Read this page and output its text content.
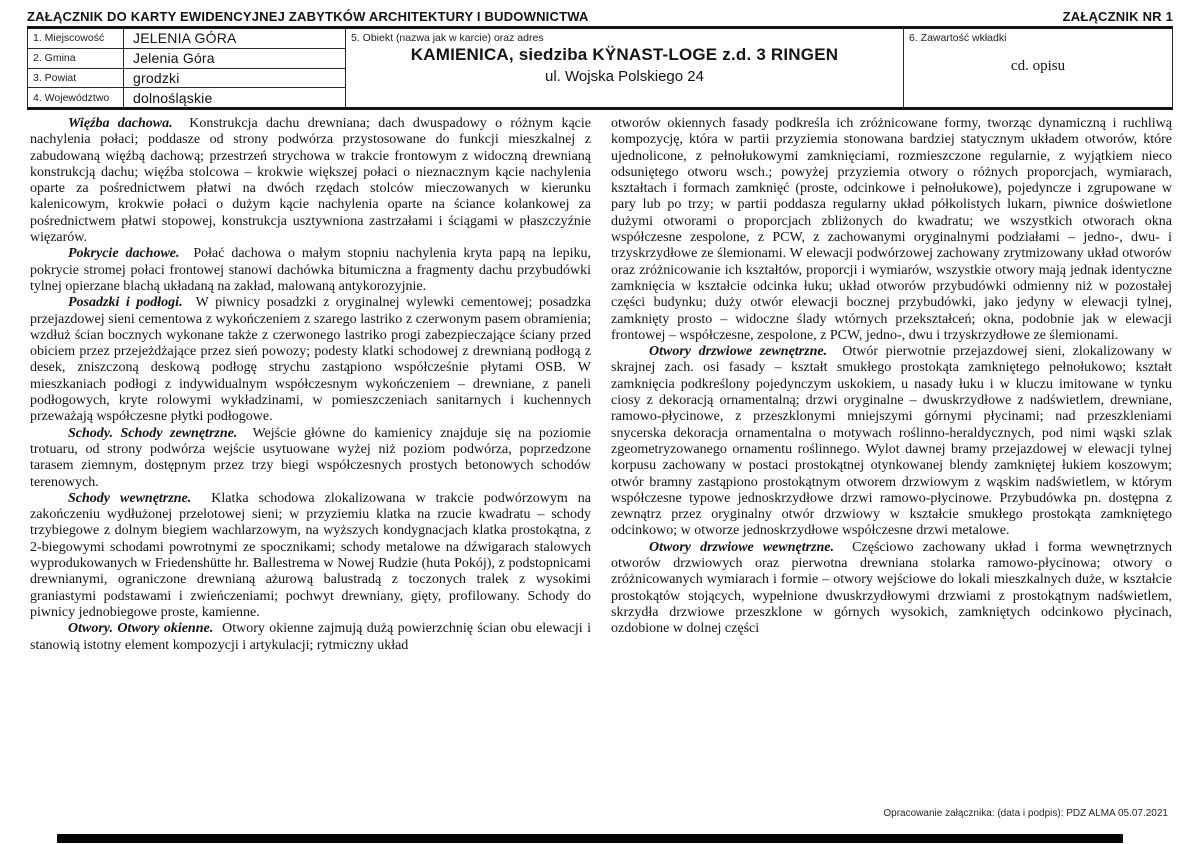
ZAŁĄCZNIK DO KARTY EWIDENCYJNEJ ZABYTKÓW ARCHITEKTURY I BUDOWNICTWA	ZAŁĄCZNIK NR 1
1. Miejscowość	JELENIA GÓRA
2. Gmina	Jelenia Góra
3. Powiat	grodzki
4. Województwo	dolnośląskie
5. Obiekt (nazwa jak w karcie) oraz adres
KAMIENICA, siedziba KŸNAST-LOGE z.d. 3 RINGEN
ul. Wojska Polskiego 24
6. Zawartość wkładki
cd. opisu

Więźba dachowa.  Konstrukcja dachu drewniana; dach dwuspadowy o różnym kącie nachylenia połaci; poddasze od strony podwórza przystosowane do funkcji mieszkalnej z zabudowaną więźbą dachową; przestrzeń strychowa w trakcie frontowym z widoczną drewnianą konstrukcją dachu; więźba stolcowa – krokwie większej połaci o nieznacznym kącie nachylenia oparte za pośrednictwem płatwi na dwóch rzędach stolców mieczowanych w kierunku kalenicowym, krokwie połaci o dużym kącie nachylenia oparte na ściance kolankowej za pośrednictwem płatwi stopowej, konstrukcja usztywniona zastrzałami i ściągami w płaszczyźnie więzarów.

Pokrycie dachowe.  Połać dachowa o małym stopniu nachylenia kryta papą na lepiku, pokrycie stromej połaci frontowej stanowi dachówka bitumiczna a fragmenty dachu przybudówki tylnej opierzane blachą układaną na zakład, malowaną antykorozyjnie.

Posadzki i podłogi.  W piwnicy posadzki z oryginalnej wylewki cementowej; posadzka przejazdowej sieni cementowa z wykończeniem z szarego lastriko z czerwonym pasem obramienia; wzdłuż ścian bocznych wykonane także z czerwonego lastriko progi zabezpieczające ściany przed obiciem przez przejeżdżające przez sień powozy; podesty klatki schodowej z drewnianą podłogą z desek, zniszczoną deskową podłogę strychu zastąpiono współcześnie płytami OSB. W mieszkaniach podłogi z indywidualnym współczesnym wykończeniem – drewniane, z paneli podłogowych, kryte rolowymi wykładzinami, w pomieszczeniach sanitarnych i kuchennych przeważają współczesne płytki podłogowe.

Schody. Schody zewnętrzne.  Wejście główne do kamienicy znajduje się na poziomie trotuaru, od strony podwórza wejście usytuowane wyżej niż poziom podwórza, poprzedzone tarasem ziemnym, dostępnym przez trzy biegi współczesnych prostych betonowych schodów terenowych.

Schody wewnętrzne.  Klatka schodowa zlokalizowana w trakcie podwórzowym na zakończeniu wydłużonej przelotowej sieni; w przyziemiu klatka na rzucie kwadratu – schody trzybiegowe z dolnym biegiem wachlarzowym, na wyższych kondygnacjach klatka prostokątna, z 2-biegowymi schodami powrotnymi ze spocznikami; schody metalowe na dźwigarach stalowych wyprodukowanych w Friedenshütte hr. Ballestrema w Nowej Rudzie (huta Pokój), z podstopnicami drewnianymi, ograniczone drewnianą ażurową balustradą z toczonych tralek z wysokimi graniastymi podstawami i zwieńczeniami; pochwyt drewniany, gięty, profilowany. Schody do piwnicy jednobiegowe proste, kamienne.

Otwory. Otwory okienne.  Otwory okienne zajmują dużą powierzchnię ścian obu elewacji i stanowią istotny element kompozycji i artykulacji; rytmiczny układ

otworów okiennych fasady podkreśla ich zróżnicowane formy, tworząc dynamiczną i ruchliwą kompozycję, która w partii przyziemia stonowana bardziej statycznym układem otworów, które ujednolicone, z pełnołukowymi zamknięciami, rozmieszczone regularnie, z wyjątkiem nieco odsuniętego otworu wsch.; powyżej przyziemia otwory o różnych proporcjach, wymiarach, kształtach i formach zamknięć (proste, odcinkowe i pełnołukowe), pojedyncze i zgrupowane w pary lub po trzy; w partii poddasza regularny układ półkolistych lukarn, piwnice doświetlone dużymi otworami o proporcjach zbliżonych do kwadratu; we wszystkich otworach okna współczesne zespolone, z PCW, z zachowanymi oryginalnymi podziałami – jedno-, dwu- i trzyskrzydłowe ze ślemionami. W elewacji podwórzowej zachowany zrytmizowany układ otworów oraz zróżnicowanie ich kształtów, proporcji i wymiarów, wszystkie otwory mają jednak identyczne zamknięcia w kształcie odcinka łuku; układ otworów przybudówki odmienny niż w pozostałej części budynku; duży otwór elewacji bocznej przybudówki, jako jedyny w elewacji tylnej, zamknięty prosto – widoczne ślady wtórnych przekształceń; okna, podobnie jak w elewacji frontowej – współczesne, zespolone, z PCW, jedno-, dwu i trzyskrzydłowe ze ślemionami.

Otwory drzwiowe zewnętrzne.  Otwór pierwotnie przejazdowej sieni, zlokalizowany w skrajnej zach. osi fasady – kształt smukłego prostokąta zamkniętego pełnołukowo; kształt zamknięcia podkreślony pojedynczym uskokiem, u nasady łuku i w kluczu imitowane w tynku ciosy z dekoracją ornamentalną; drzwi oryginalne – dwuskrzydłowe z nadświetlem, drewniane, ramowo-płycinowe, z przeszklonymi mniejszymi górnymi płycinami; nad przeszkleniami snycerska dekoracja ornamentalna o motywach roślinno-heraldycznych, pod nimi wąski szlak zgeometryzowanego ornamentu roślinnego. Wylot dawnej bramy przejazdowej w elewacji tylnej korpusu zachowany w postaci prostokątnej otynkowanej blendy zamkniętej łukiem koszowym; otwór bramny zastąpiono prostokątnym otworem drzwiowym z wąskim nadświetlem, w którym współczesne typowe jednoskrzydłowe drzwi ramowo-płycinowe. Przybudówka pn. dostępna z zewnątrz przez oryginalny otwór drzwiowy w kształcie smukłego prostokąta zamkniętego odcinkowo; w otworze jednoskrzydłowe współczesne drzwi metalowe.

Otwory drzwiowe wewnętrzne.  Częściowo zachowany układ i forma wewnętrznych otworów drzwiowych oraz pierwotna drewniana stolarka ramowo-płycinowa; otwory o zróżnicowanych wymiarach i formie – otwory wejściowe do lokali mieszkalnych duże, w kształcie prostokątów stojących, wypełnione dwuskrzydłowymi drzwiami z prostokątnym nadświetlem, skrzydła drzwiowe przeszklone w górnych wysokich, zamkniętych odcinkowo płycinach, ozdobione w dolnej części

Opracowanie załącznika: (data i podpis): PDZ ALMA 05.07.2021
